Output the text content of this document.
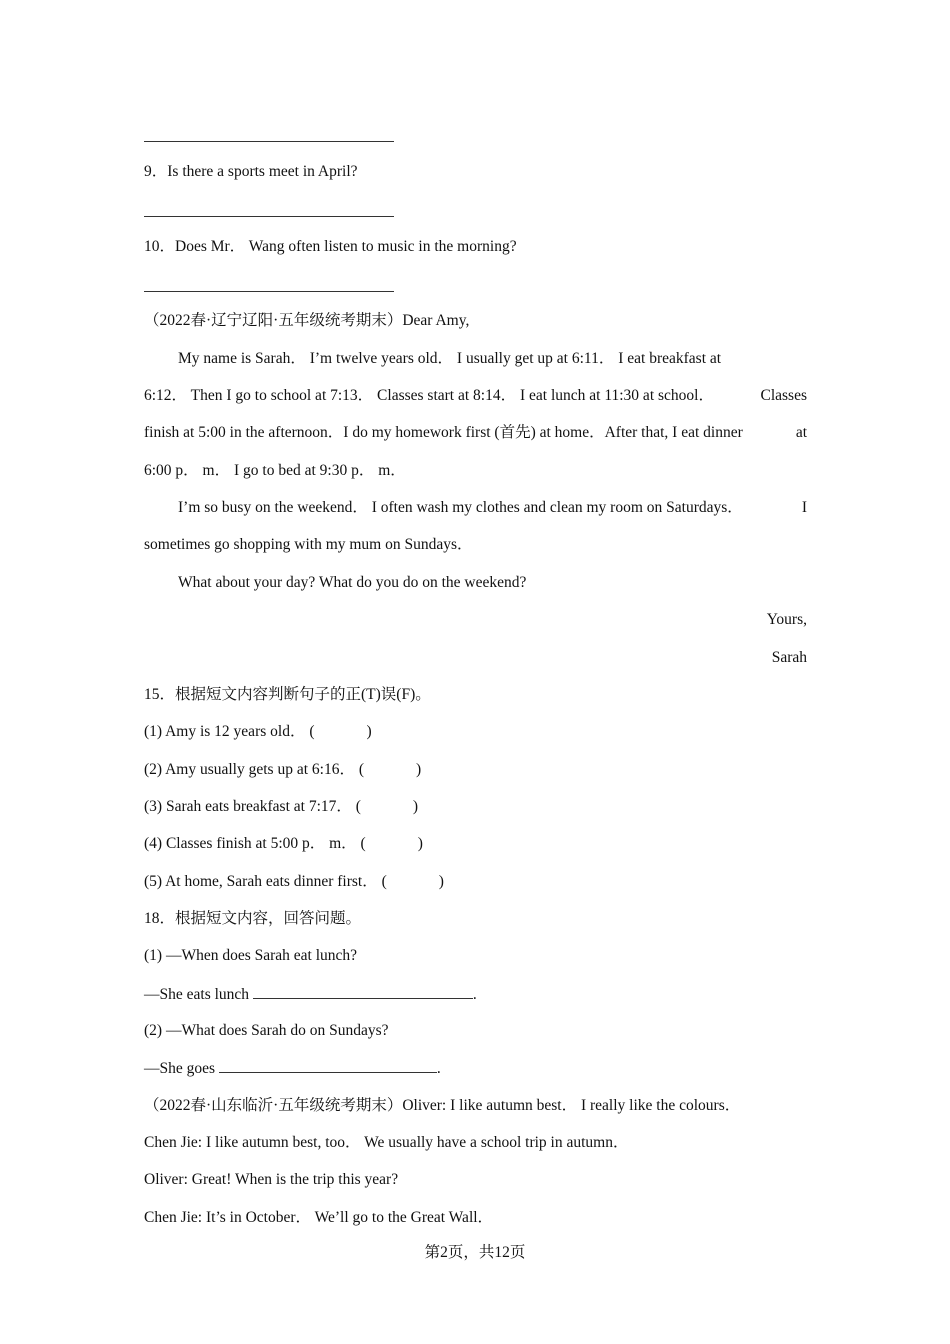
9．Is there a sports meet in April?
10．Does Mr． Wang often listen to music in the morning?
（2022春·辽宁辽阳·五年级统考期末）Dear Amy,
My name is Sarah． I’m twelve years old． I usually get up at 6:11． I eat breakfast at
6:12． Then I go to school at 7:13． Classes start at 8:14． I eat lunch at 11:30 at school．	Classes
finish at 5:00 in the afternoon．I do my homework first (首先) at home．After that, I eat dinner	at
6:00 p． m． I go to bed at 9:30 p． m．
I’m so busy on the weekend． I often wash my clothes and clean my room on Saturdays．	I
sometimes go shopping with my mum on Sundays．
What about your day? What do you do on the weekend?
Yours,
Sarah
15．根据短文内容判断句子的正(T)误(F)。
(1) Amy is 12 years old． (	)
(2) Amy usually gets up at 6:16． (	)
(3) Sarah eats breakfast at 7:17． (	)
(4) Classes finish at 5:00 p． m． (	)
(5) At home, Sarah eats dinner first． (	)
18．根据短文内容，回答问题。
(1) —When does Sarah eat lunch?
—She eats lunch	.
(2) —What does Sarah do on Sundays?
—She goes	.
（2022春·山东临沂·五年级统考期末）Oliver: I like autumn best． I really like the colours．
Chen Jie: I like autumn best, too． We usually have a school trip in autumn．
Oliver: Great! When is the trip this year?
Chen Jie: It’s in October． We’ll go to the Great Wall．
第2页，共12页
